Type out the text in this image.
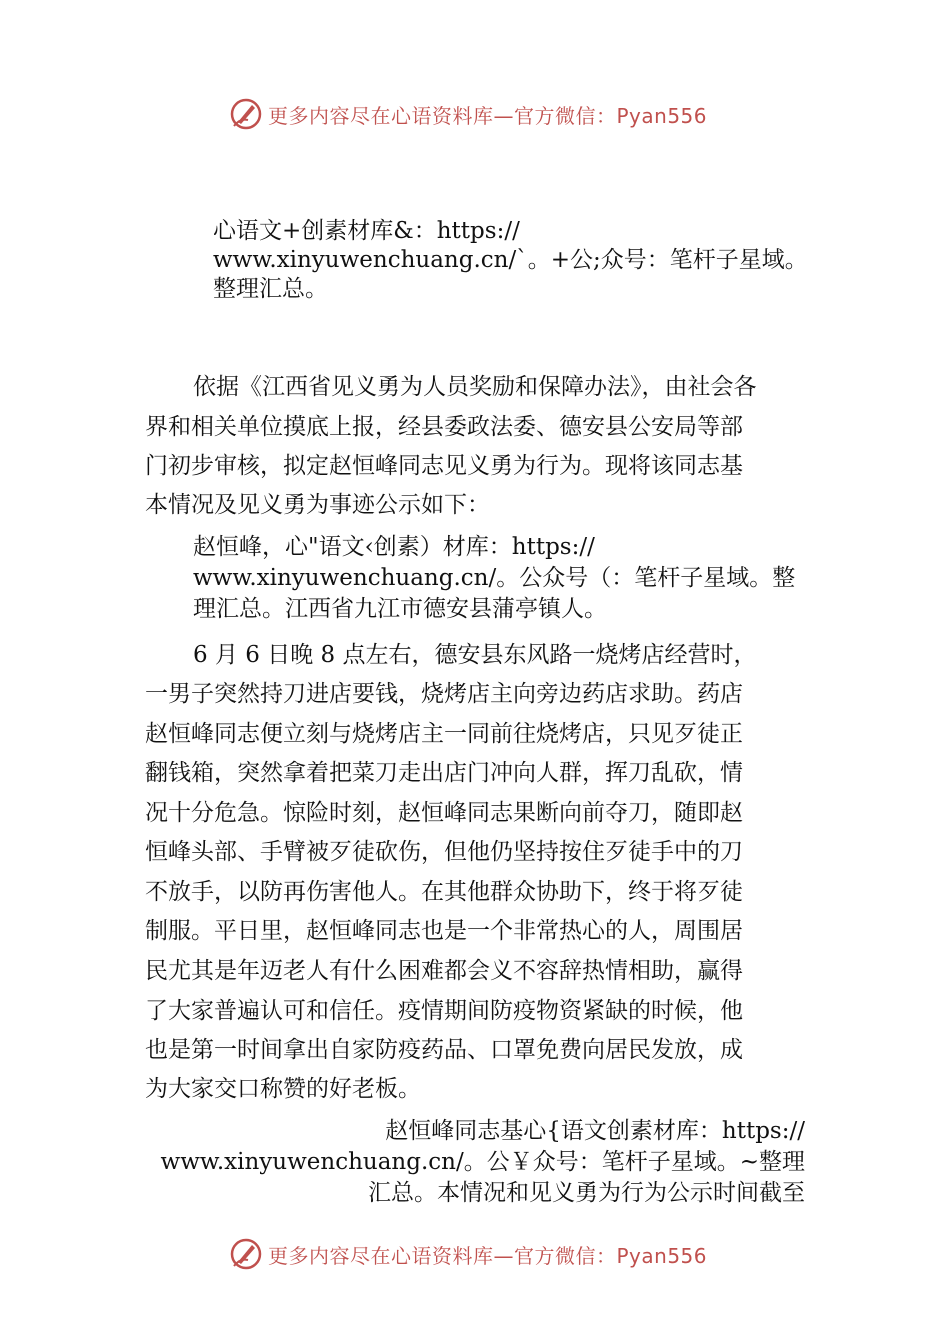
更多内容尽在心语资料库—官方微信：Pyan556
心语文+创素材库&：https://
www.xinyuwenchuang.cn/`。+公;众号：笔杆子星域。
整理汇总。
依据《江西省见义勇为人员奖励和保障办法》，由社会各
界和相关单位摸底上报，经县委政法委、德安县公安局等部
门初步审核，拟定赵恒峰同志见义勇为行为。现将该同志基
本情况及见义勇为事迹公示如下：
赵恒峰，心"语文‹创素）材库：https://
www.xinyuwenchuang.cn/。公众号（：笔杆子星域。整
理汇总。江西省九江市德安县蒲亭镇人。
6 月 6 日晚 8 点左右，德安县东风路一烧烤店经营时，
一男子突然持刀进店要钱，烧烤店主向旁边药店求助。药店
赵恒峰同志便立刻与烧烤店主一同前往烧烤店，只见歹徒正
翻钱箱，突然拿着把菜刀走出店门冲向人群，挥刀乱砍，情
况十分危急。惊险时刻，赵恒峰同志果断向前夺刀，随即赵
恒峰头部、手臂被歹徒砍伤，但他仍坚持按住歹徒手中的刀
不放手，以防再伤害他人。在其他群众协助下，终于将歹徒
制服。平日里，赵恒峰同志也是一个非常热心的人，周围居
民尤其是年迈老人有什么困难都会义不容辞热情相助，赢得
了大家普遍认可和信任。疫情期间防疫物资紧缺的时候，他
也是第一时间拿出自家防疫药品、口罩免费向居民发放，成
为大家交口称赞的好老板。
赵恒峰同志基心{语文创素材库：https://
www.xinyuwenchuang.cn/。公￥众号：笔杆子星域。~整理
汇总。本情况和见义勇为行为公示时间截至
更多内容尽在心语资料库—官方微信：Pyan556
